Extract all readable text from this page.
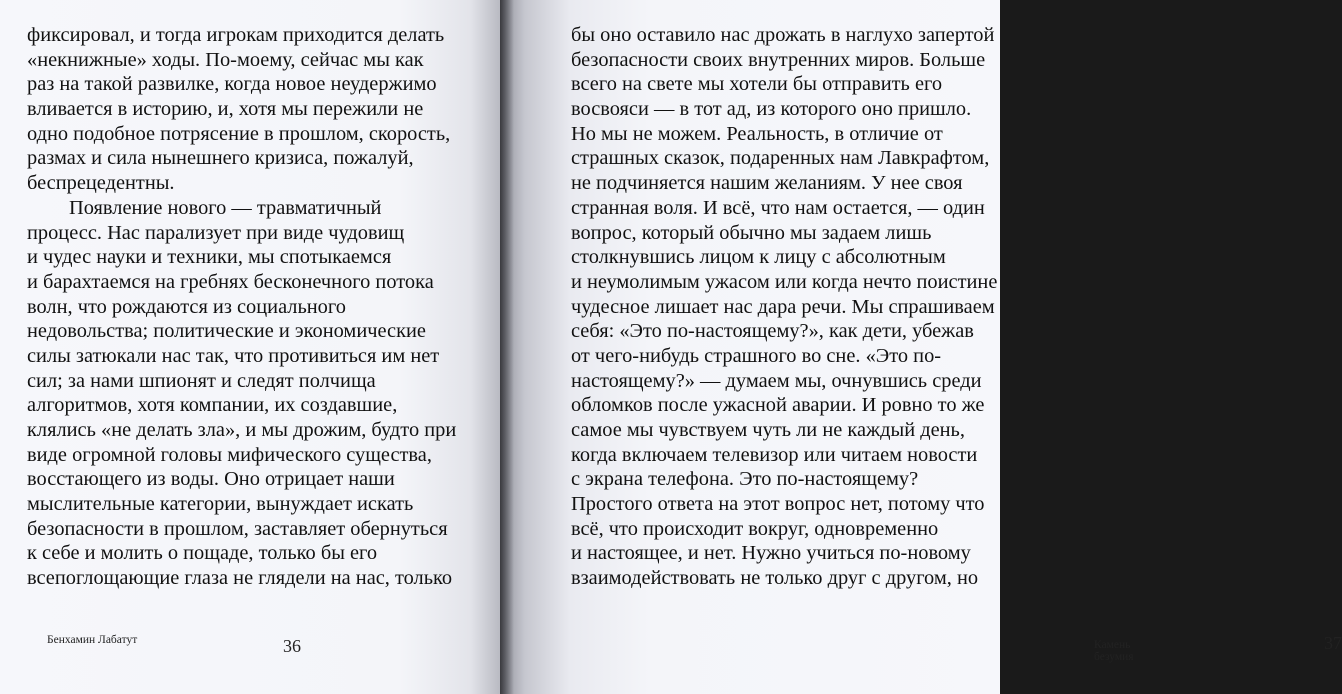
фиксировал, и тогда игрокам приходится делать
«некнижные» ходы. По-моему, сейчас мы как
раз на такой развилке, когда новое неудержимо
вливается в историю, и, хотя мы пережили не
одно подобное потрясение в прошлом, скорость,
размах и сила нынешнего кризиса, пожалуй,
беспрецедентны.
Появление нового — травматичный
процесс. Нас парализует при виде чудовищ
и чудес науки и техники, мы спотыкаемся
и барахтаемся на гребнях бесконечного потока
волн, что рождаются из социального
недовольства; политические и экономические
силы затюкали нас так, что противиться им нет
сил; за нами шпионят и следят полчища
алгоритмов, хотя компании, их создавшие,
клялись «не делать зла», и мы дрожим, будто при
виде огромной головы мифического существа,
восстающего из воды. Оно отрицает наши
мыслительные категории, вынуждает искать
безопасности в прошлом, заставляет обернуться
к себе и молить о пощаде, только бы его
всепоглощающие глаза не глядели на нас, только
Бенхамин Лабатут	36
бы оно оставило нас дрожать в наглухо запертой
безопасности своих внутренних миров. Больше
всего на свете мы хотели бы отправить его
восвояси — в тот ад, из которого оно пришло.
Но мы не можем. Реальность, в отличие от
страшных сказок, подаренных нам Лавкрафтом,
не подчиняется нашим желаниям. У нее своя
странная воля. И всё, что нам остается, — один
вопрос, который обычно мы задаем лишь
столкнувшись лицом к лицу с абсолютным
и неумолимым ужасом или когда нечто поистине
чудесное лишает нас дара речи. Мы спрашиваем
себя: «Это по-настоящему?», как дети, убежав
от чего-нибудь страшного во сне. «Это по-
настоящему?» — думаем мы, очнувшись среди
обломков после ужасной аварии. И ровно то же
самое мы чувствуем чуть ли не каждый день,
когда включаем телевизор или читаем новости
с экрана телефона. Это по-настоящему?
Простого ответа на этот вопрос нет, потому что
всё, что происходит вокруг, одновременно
и настоящее, и нет. Нужно учиться по-новому
взаимодействовать не только друг с другом, но
Камень безумия
37
